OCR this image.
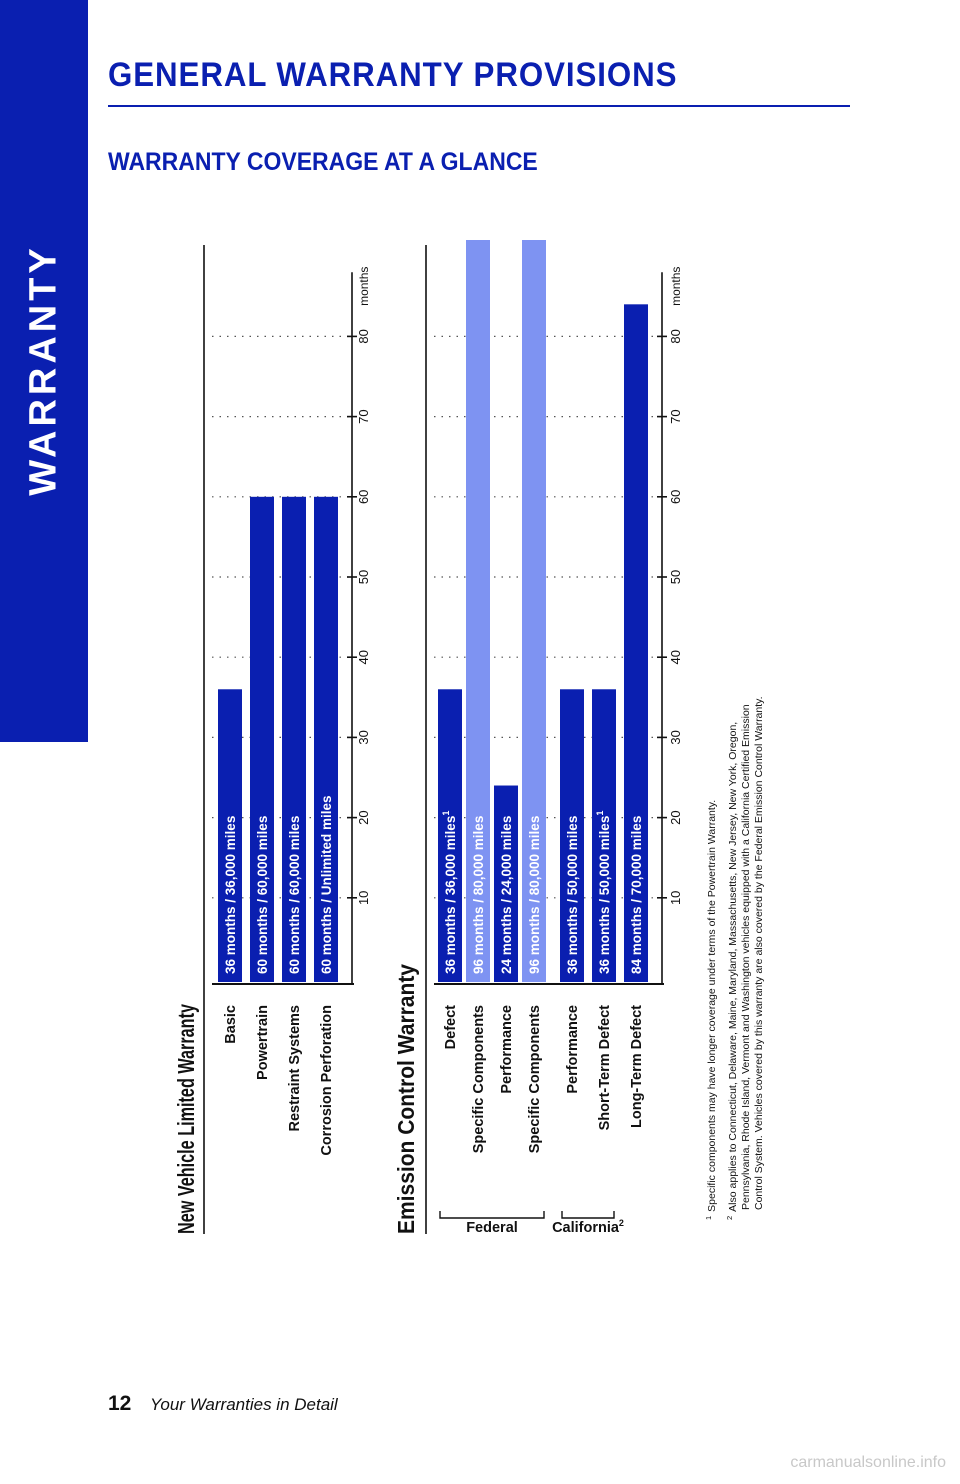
WARRANTY
GENERAL WARRANTY PROVISIONS
WARRANTY COVERAGE AT A GLANCE
New Vehicle Limited Warranty
36 months / 36,000 miles
Basic
60 months / 60,000 miles
Powertrain
60 months / 60,000 miles
Restraint Systems
60 months / Unlimited miles
Corrosion Perforation
10
20
30
40
50
60
70
80
months
Emission Control Warranty
36 months / 36,000 miles$^1$
Defect
96 months / 80,000 miles
Specific Components
24 months / 24,000 miles
Performance
96 months / 80,000 miles
Specific Components
36 months / 50,000 miles
Performance
36 months / 50,000 miles$^1$
Short-Term Defect
84 months / 70,000 miles
Long-Term Defect
10
20
30
40
50
60
70
80
months
Federal California$^2$
1Specific components may have longer coverage under terms of the Powertrain Warranty.
2Also applies to Connecticut, Delaware, Maine, Maryland, Massachusetts, New Jersey, New York, Oregon, Pennsylvania, Rhode Island, Vermont and Washington vehicles equipped with a California Certified Emission Control System. Vehicles covered by this warranty are also covered by the Federal Emission Control Warranty.
12 Your Warranties in Detail
carmanualsonline.info
